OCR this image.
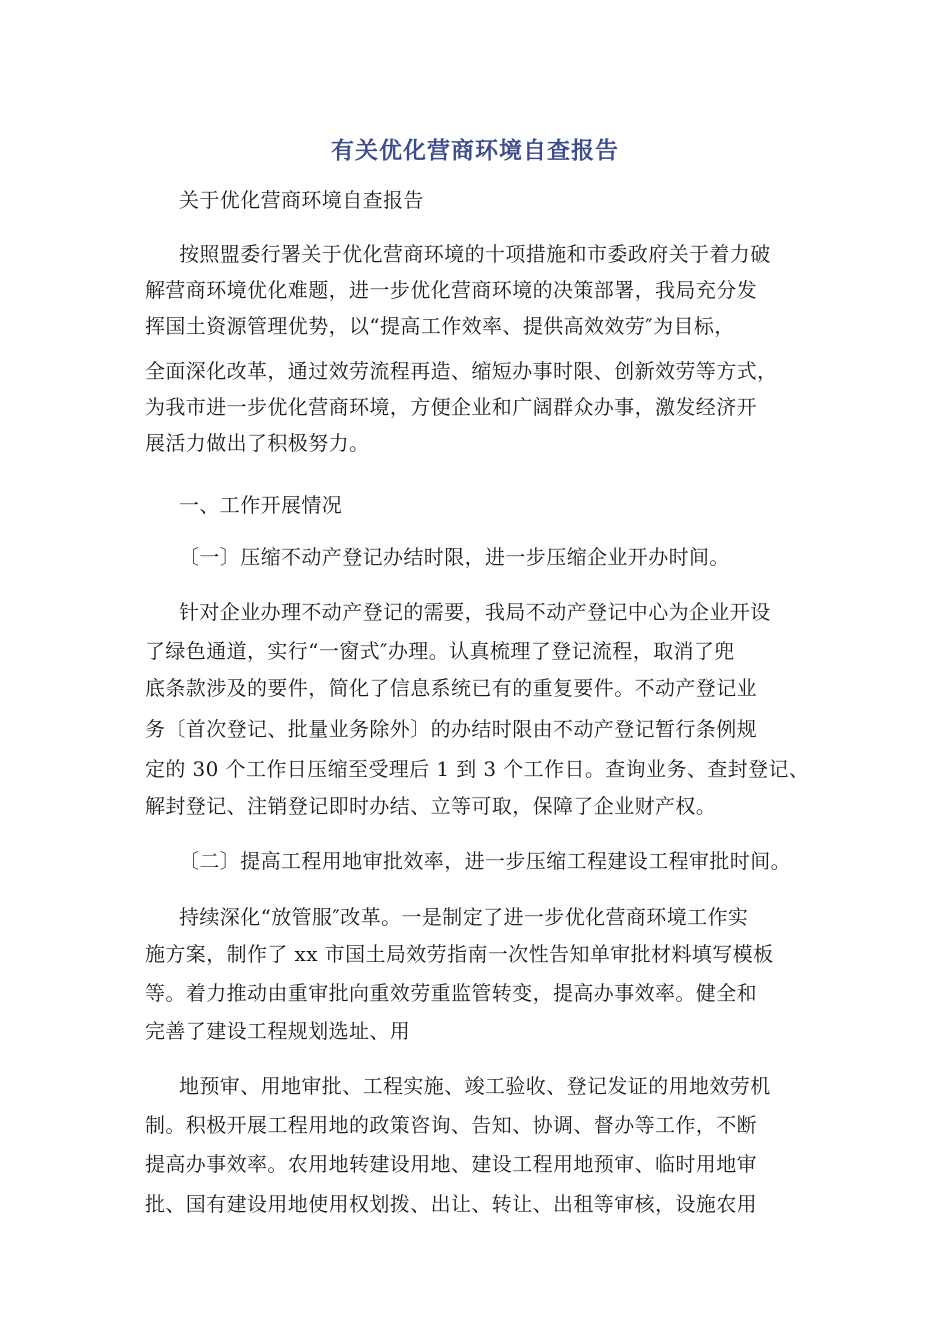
有关优化营商环境自查报告
关于优化营商环境自查报告
按照盟委行署关于优化营商环境的十项措施和市委政府关于着力破
解营商环境优化难题，进一步优化营商环境的决策部署，我局充分发
挥国土资源管理优势，以“提高工作效率、提供高效效劳″为目标，
全面深化改革，通过效劳流程再造、缩短办事时限、创新效劳等方式，
为我市进一步优化营商环境，方便企业和广阔群众办事，激发经济开
展活力做出了积极努力。
一、工作开展情况
〔一〕压缩不动产登记办结时限，进一步压缩企业开办时间。
针对企业办理不动产登记的需要，我局不动产登记中心为企业开设
了绿色通道，实行“一窗式″办理。认真梳理了登记流程，取消了兜
底条款涉及的要件，简化了信息系统已有的重复要件。不动产登记业
务〔首次登记、批量业务除外〕的办结时限由不动产登记暂行条例规
定的 30 个工作日压缩至受理后 1 到 3 个工作日。查询业务、查封登记、
解封登记、注销登记即时办结、立等可取，保障了企业财产权。
〔二〕提高工程用地审批效率，进一步压缩工程建设工程审批时间。
持续深化“放管服″改革。一是制定了进一步优化营商环境工作实
施方案，制作了 xx 市国土局效劳指南一次性告知单审批材料填写模板
等。着力推动由重审批向重效劳重监管转变，提高办事效率。健全和
完善了建设工程规划选址、用
地预审、用地审批、工程实施、竣工验收、登记发证的用地效劳机
制。积极开展工程用地的政策咨询、告知、协调、督办等工作，不断
提高办事效率。农用地转建设用地、建设工程用地预审、临时用地审
批、国有建设用地使用权划拨、出让、转让、出租等审核，设施农用
